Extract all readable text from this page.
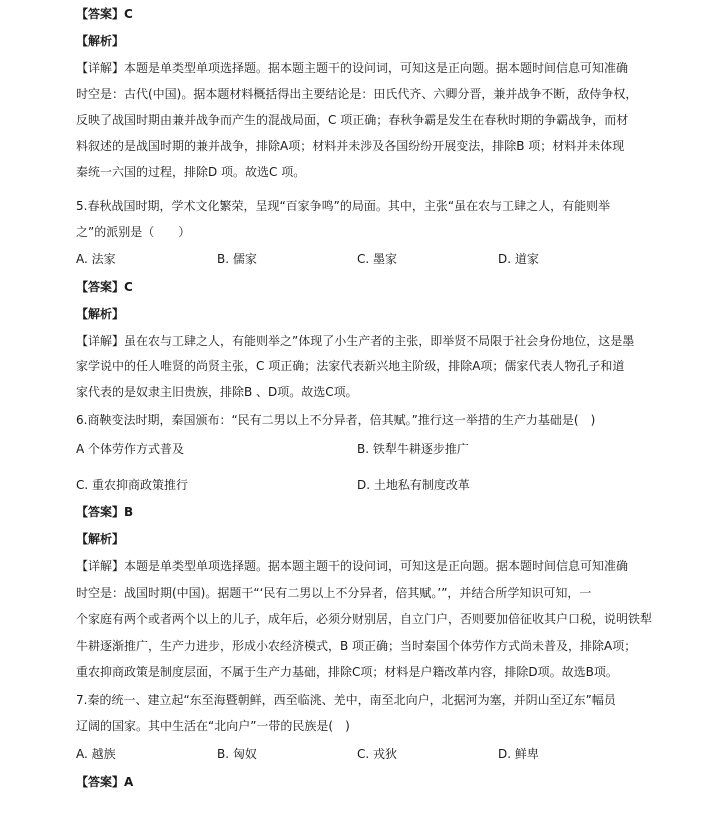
【答案】C
【解析】
【详解】本题是单类型单项选择题。据本题主题干的设问词，可知这是正向题。据本题时间信息可知准确
时空是：古代(中国)。据本题材料概括得出主要结论是：田氏代齐、六卿分晋，兼并战争不断，敌侍争权，
反映了战国时期由兼并战争而产生的混战局面，C 项正确；春秋争霸是发生在春秋时期的争霸战争，而材
料叙述的是战国时期的兼并战争，排除A项；材料并未涉及各国纷纷开展变法，排除B 项；材料并未体现
秦统一六国的过程，排除D 项。故选C 项。
5.春秋战国时期，学术文化繁荣，呈现“百家争鸣”的局面。其中，主张“虽在农与工肆之人，有能则举
之”的派别是（　　）
A. 法家	B. 儒家	C. 墨家	D. 道家
【答案】C
【解析】
【详解】虽在农与工肆之人，有能则举之”体现了小生产者的主张，即举贤不局限于社会身份地位，这是墨
家学说中的任人唯贤的尚贤主张，C 项正确；法家代表新兴地主阶级，排除A项；儒家代表人物孔子和道
家代表的是奴隶主旧贵族，排除B 、D项。故选C项。
6.商鞅变法时期，秦国颁布：“民有二男以上不分异者，倍其赋。”推行这一举措的生产力基础是(　)
A 个体劳作方式普及	B. 铁犁牛耕逐步推广
C. 重农抑商政策推行	D. 土地私有制度改革
【答案】B
【解析】
【详解】本题是单类型单项选择题。据本题主题干的设问词，可知这是正向题。据本题时间信息可知准确
时空是：战国时期(中国)。据题干“‘民有二男以上不分异者，倍其赋。’”，并结合所学知识可知，一
个家庭有两个或者两个以上的儿子，成年后，必须分财别居，自立门户，否则要加倍征收其户口税，说明铁犁
牛耕逐渐推广，生产力进步，形成小农经济模式，B 项正确；当时秦国个体劳作方式尚未普及，排除A项；
重农抑商政策是制度层面，不属于生产力基础，排除C项；材料是户籍改革内容，排除D项。故选B项。
7.秦的统一、建立起“东至海暨朝鲜，西至临洮、羌中，南至北向户，北据河为塞，并阴山至辽东”幅员
辽阔的国家。其中生活在“北向户”一带的民族是(　)
A. 越族	B. 匈奴	C. 戎狄	D. 鲜卑
【答案】A
